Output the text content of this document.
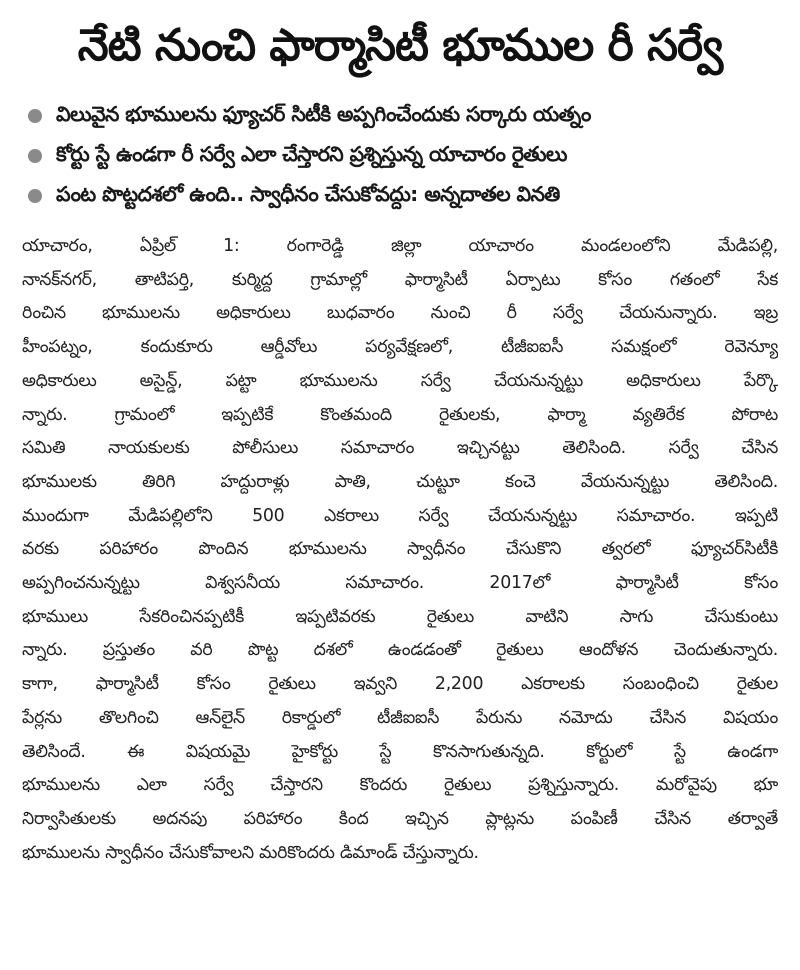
నేటి నుంచి ఫార్మాసిటీ భూముల రీ సర్వే
విలువైన భూములను ఫ్యూచర్ సిటీకి అప్పగించేందుకు సర్కారు యత్నం
కోర్టు స్టే ఉండగా రీ సర్వే ఎలా చేస్తారని ప్రశ్నిస్తున్న యాచారం రైతులు
పంట పొట్టదశలో ఉంది.. స్వాధీనం చేసుకోవద్దు: అన్నదాతల వినతి

యాచారం, ఏప్రిల్ 1: రంగారెడ్డి జిల్లా యాచారం మండలంలోని మేడిపల్లి,
నానక్‌నగర్, తాటిపర్తి, కుర్మిద్ద గ్రామాల్లో ఫార్మాసిటీ ఏర్పాటు కోసం గతంలో సేక
రించిన భూములను అధికారులు బుధవారం నుంచి రీ సర్వే చేయనున్నారు. ఇబ్ర
హీంపట్నం, కందుకూరు ఆర్డీవోలు పర్యవేక్షణలో, టీజీఐఐసీ సమక్షంలో రెవెన్యూ
అధికారులు అసైన్డ్, పట్టా భూములను సర్వే చేయనున్నట్టు అధికారులు పేర్కొ
న్నారు. గ్రామంలో ఇప్పటికే కొంతమంది రైతులకు, ఫార్మా వ్యతిరేక పోరాట
సమితి నాయకులకు పోలీసులు సమాచారం ఇచ్చినట్టు తెలిసింది. సర్వే చేసిన
భూములకు తిరిగి హద్దురాళ్లు పాతి, చుట్టూ కంచె వేయనున్నట్టు తెలిసింది.
ముందుగా మేడిపల్లిలోని 500 ఎకరాలు సర్వే చేయనున్నట్టు సమాచారం. ఇప్పటి
వరకు పరిహారం పొందిన భూములను స్వాధీనం చేసుకొని త్వరలో ఫ్యూచర్‌సిటీకి
అప్పగించనున్నట్టు విశ్వసనీయ సమాచారం. 2017లో ఫార్మాసిటీ కోసం
భూములు సేకరించినప్పటికీ ఇప్పటివరకు రైతులు వాటిని సాగు చేసుకుంటు
న్నారు. ప్రస్తుతం వరి పొట్ట దశలో ఉండడంతో రైతులు ఆందోళన చెందుతున్నారు.
కాగా, ఫార్మాసిటీ కోసం రైతులు ఇవ్వని 2,200 ఎకరాలకు సంబంధించి రైతుల
పేర్లను తొలగించి ఆన్‌లైన్ రికార్డులో టీజీఐఐసీ పేరును నమోదు చేసిన విషయం
తెలిసిందే. ఈ విషయమై హైకోర్టు స్టే కొనసాగుతున్నది. కోర్టులో స్టే ఉండగా
భూములను ఎలా సర్వే చేస్తారని కొందరు రైతులు ప్రశ్నిస్తున్నారు. మరోవైపు భూ
నిర్వాసితులకు అదనపు పరిహారం కింద ఇచ్చిన ప్లాట్లను పంపిణీ చేసిన తర్వాతే
భూములను స్వాధీనం చేసుకోవాలని మరికొందరు డిమాండ్ చేస్తున్నారు.
